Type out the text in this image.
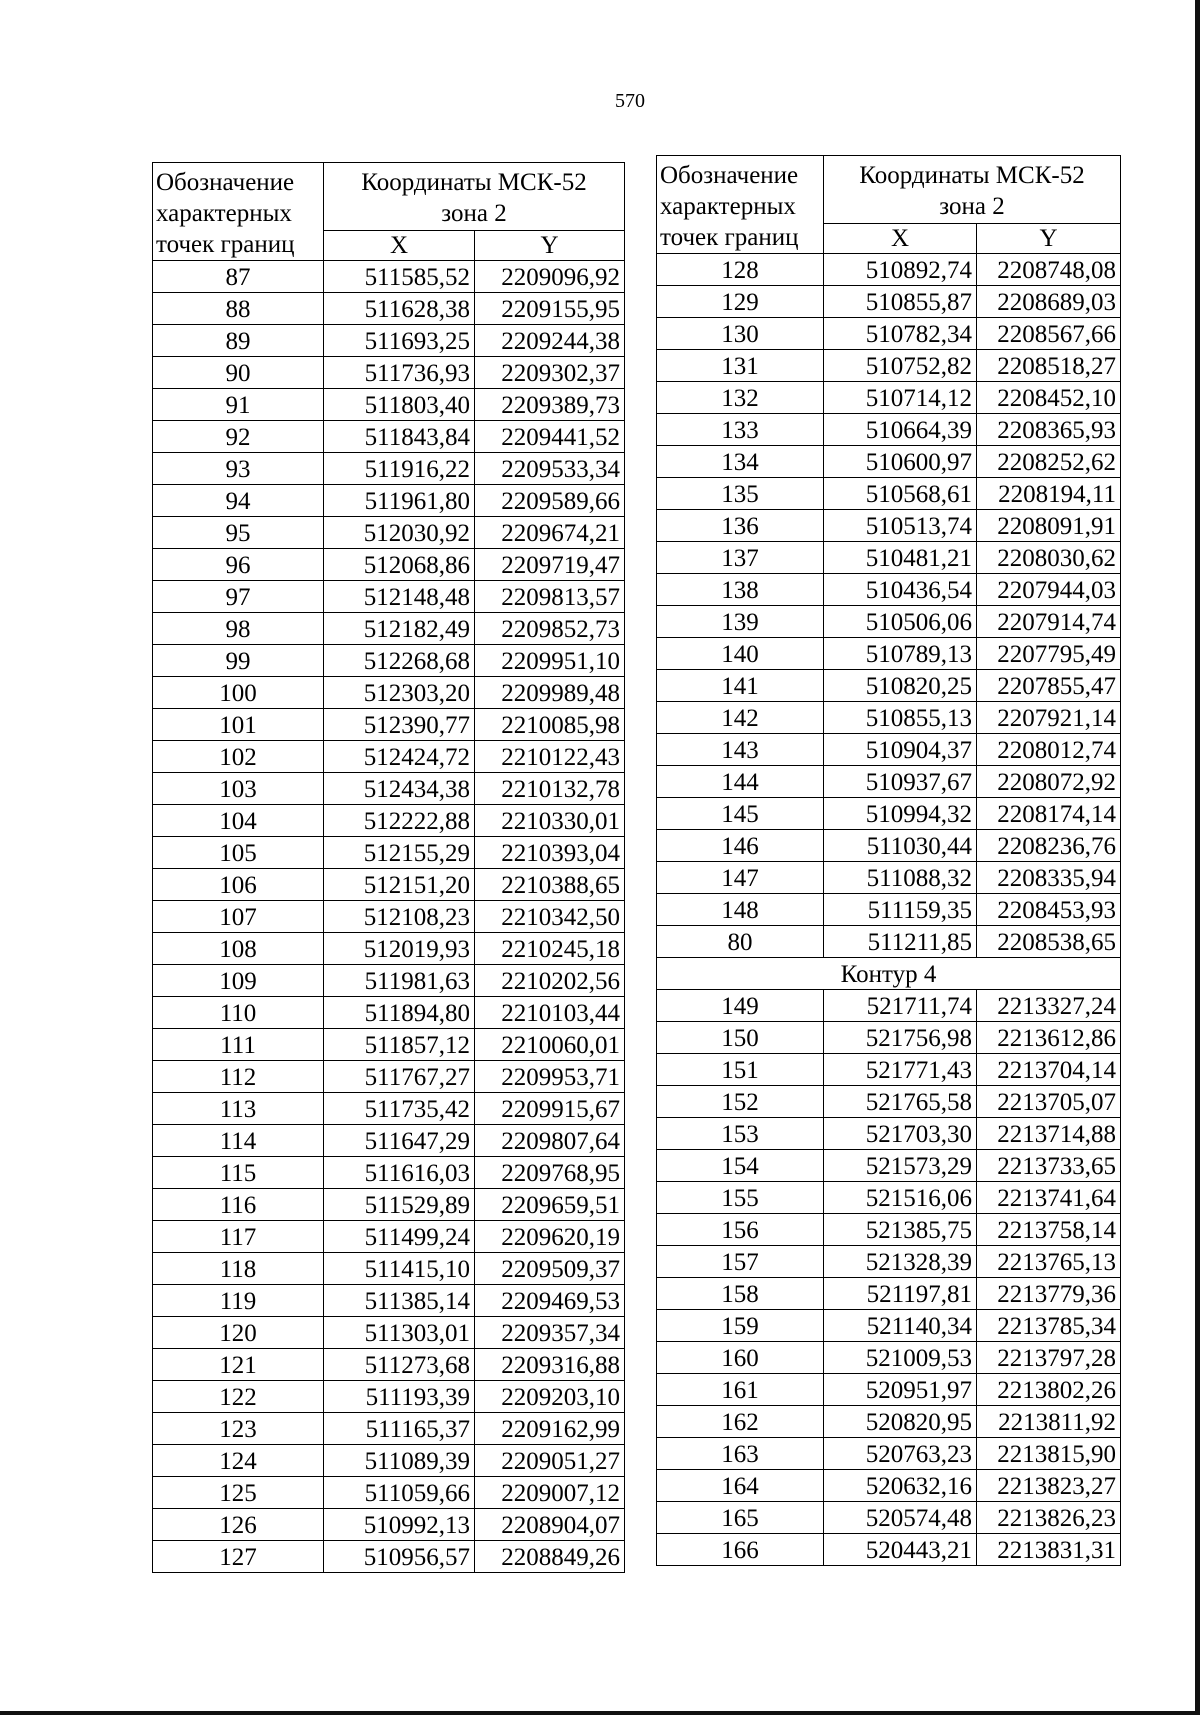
570
Обозначение характерных точек границ	Координаты МСК-52
зона 2	

	X	Y
87	511585,52	2209096,92
88	511628,38	2209155,95
89	511693,25	2209244,38
90	511736,93	2209302,37
91	511803,40	2209389,73
92	511843,84	2209441,52
93	511916,22	2209533,34
94	511961,80	2209589,66
95	512030,92	2209674,21
96	512068,86	2209719,47
97	512148,48	2209813,57
98	512182,49	2209852,73
99	512268,68	2209951,10
100	512303,20	2209989,48
101	512390,77	2210085,98
102	512424,72	2210122,43
103	512434,38	2210132,78
104	512222,88	2210330,01
105	512155,29	2210393,04
106	512151,20	2210388,65
107	512108,23	2210342,50
108	512019,93	2210245,18
109	511981,63	2210202,56
110	511894,80	2210103,44
111	511857,12	2210060,01
112	511767,27	2209953,71
113	511735,42	2209915,67
114	511647,29	2209807,64
115	511616,03	2209768,95
116	511529,89	2209659,51
117	511499,24	2209620,19
118	511415,10	2209509,37
119	511385,14	2209469,53
120	511303,01	2209357,34
121	511273,68	2209316,88
122	511193,39	2209203,10
123	511165,37	2209162,99
124	511089,39	2209051,27
125	511059,66	2209007,12
126	510992,13	2208904,07
127	510956,57	2208849,26
Обозначение характерных точек границ	Координаты МСК-52
зона 2	

	X	Y
128	510892,74	2208748,08
129	510855,87	2208689,03
130	510782,34	2208567,66
131	510752,82	2208518,27
132	510714,12	2208452,10
133	510664,39	2208365,93
134	510600,97	2208252,62
135	510568,61	2208194,11
136	510513,74	2208091,91
137	510481,21	2208030,62
138	510436,54	2207944,03
139	510506,06	2207914,74
140	510789,13	2207795,49
141	510820,25	2207855,47
142	510855,13	2207921,14
143	510904,37	2208012,74
144	510937,67	2208072,92
145	510994,32	2208174,14
146	511030,44	2208236,76
147	511088,32	2208335,94
148	511159,35	2208453,93
80	511211,85	2208538,65
Контур 4		
149	521711,74	2213327,24
150	521756,98	2213612,86
151	521771,43	2213704,14
152	521765,58	2213705,07
153	521703,30	2213714,88
154	521573,29	2213733,65
155	521516,06	2213741,64
156	521385,75	2213758,14
157	521328,39	2213765,13
158	521197,81	2213779,36
159	521140,34	2213785,34
160	521009,53	2213797,28
161	520951,97	2213802,26
162	520820,95	2213811,92
163	520763,23	2213815,90
164	520632,16	2213823,27
165	520574,48	2213826,23
166	520443,21	2213831,31
